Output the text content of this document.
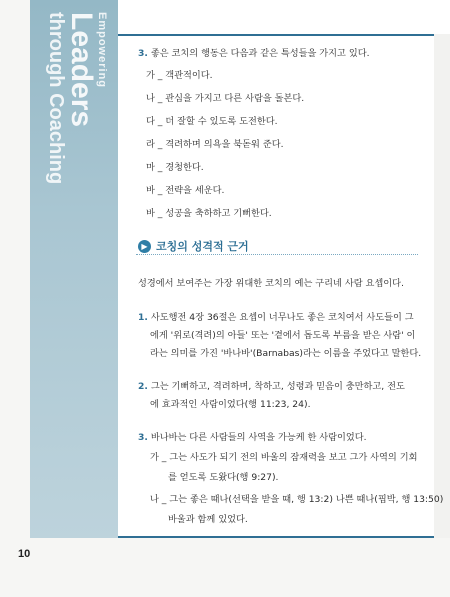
Empowering
Leaders
through Coaching	3. 좋은 코치의 행동은 다음과 같은 특성들을 가지고 있다.
가 _ 객관적이다.
나 _ 관심을 가지고 다른 사람을 돌본다.
다 _ 더 잘할 수 있도록 도전한다.
라 _ 격려하며 의욕을 북돋워 준다.
마 _ 경청한다.
바 _ 전략을 세운다.
바 _ 성공을 축하하고 기뻐한다.
▶ 코칭의 성격적 근거
성경에서 보여주는 가장 위대한 코치의 예는 구리네 사람 요셉이다.
1. 사도행전 4장 36절은 요셉이 너무나도 좋은 코치여서 사도들이 그
에게 '위로(격려)의 아들' 또는 '곁에서 돕도록 부름을 받은 사람' 이
라는 의미를 가진 '바나바'(Barnabas)라는 이름을 주었다고 말한다.
2. 그는 기뻐하고, 격려하며, 착하고, 성령과 믿음이 충만하고, 전도
에 효과적인 사람이었다(행 11:23, 24).
3. 바나바는 다른 사람들의 사역을 가능케 한 사람이었다.
가 _ 그는 사도가 되기 전의 바울의 잠재력을 보고 그가 사역의 기회
를 얻도록 도왔다(행 9:27).
나 _ 그는 좋은 때나(선택을 받을 때, 행 13:2) 나쁜 때나(핍박, 행 13:50)
바울과 함께 있었다.
10
